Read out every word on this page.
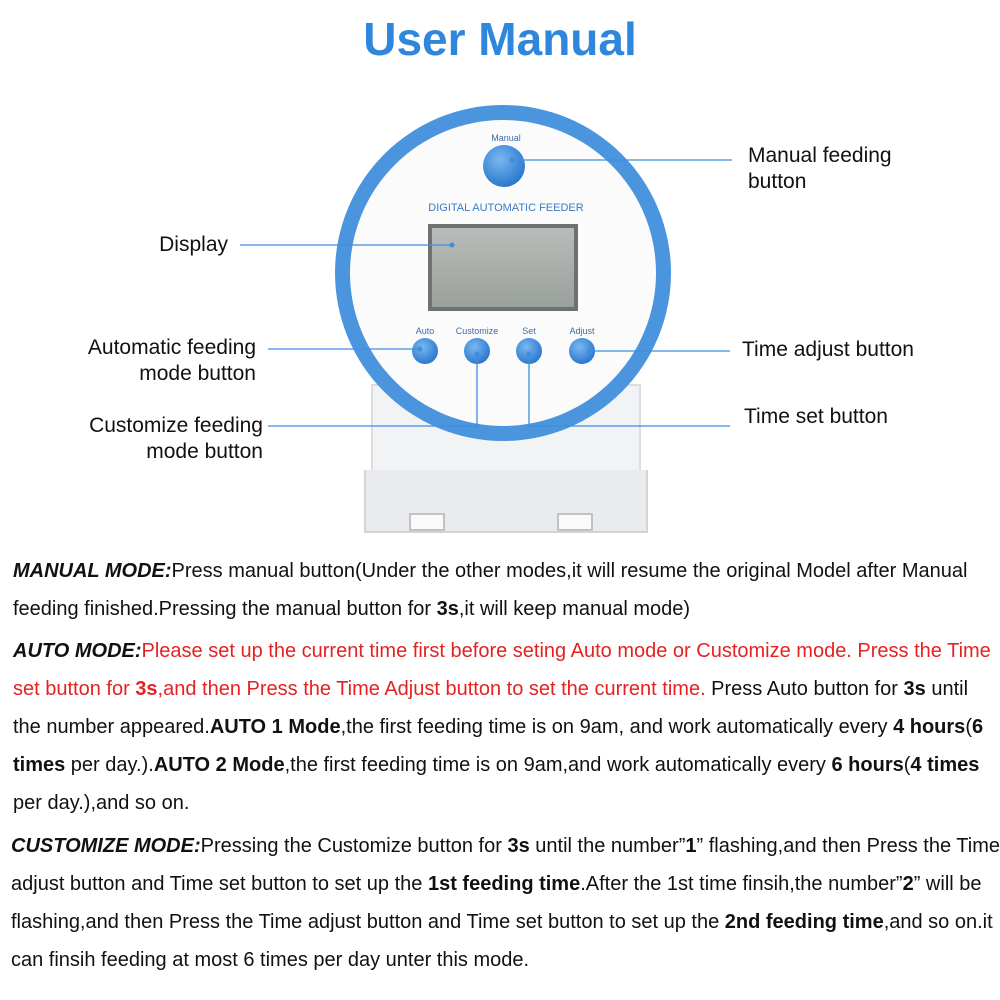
User Manual
Manual
DIGITAL AUTOMATIC FEEDER
Auto Customize	Set	Adjust
Manual feeding
button
Display
Automatic feeding
mode button
Customize feeding
mode button
Time adjust button
Time set button

MANUAL MODE:Press manual button(Under the other modes,it will resume the original Model after Manual feeding finished.Pressing the manual button for 3s,it will keep manual mode)

AUTO MODE:Please set up the current time first before seting Auto mode or Customize mode. Press the Time set button for 3s,and then Press the Time Adjust button to set the current time. Press Auto button for 3s until the number appeared.AUTO 1 Mode,the first feeding time is on 9am, and work automatically every 4 hours(6 times per day.).AUTO 2 Mode,the first feeding time is on 9am,and work automatically every 6 hours(4 times per day.),and so on.

CUSTOMIZE MODE:Pressing the Customize button for 3s until the number”1” flashing,and then Press the Time adjust button and Time set button to set up the 1st feeding time.After the 1st time finsih,the number”2” will be flashing,and then Press the Time adjust button and Time set button to set up the 2nd feeding time,and so on.it can finsih feeding at most 6 times per day unter this mode.
